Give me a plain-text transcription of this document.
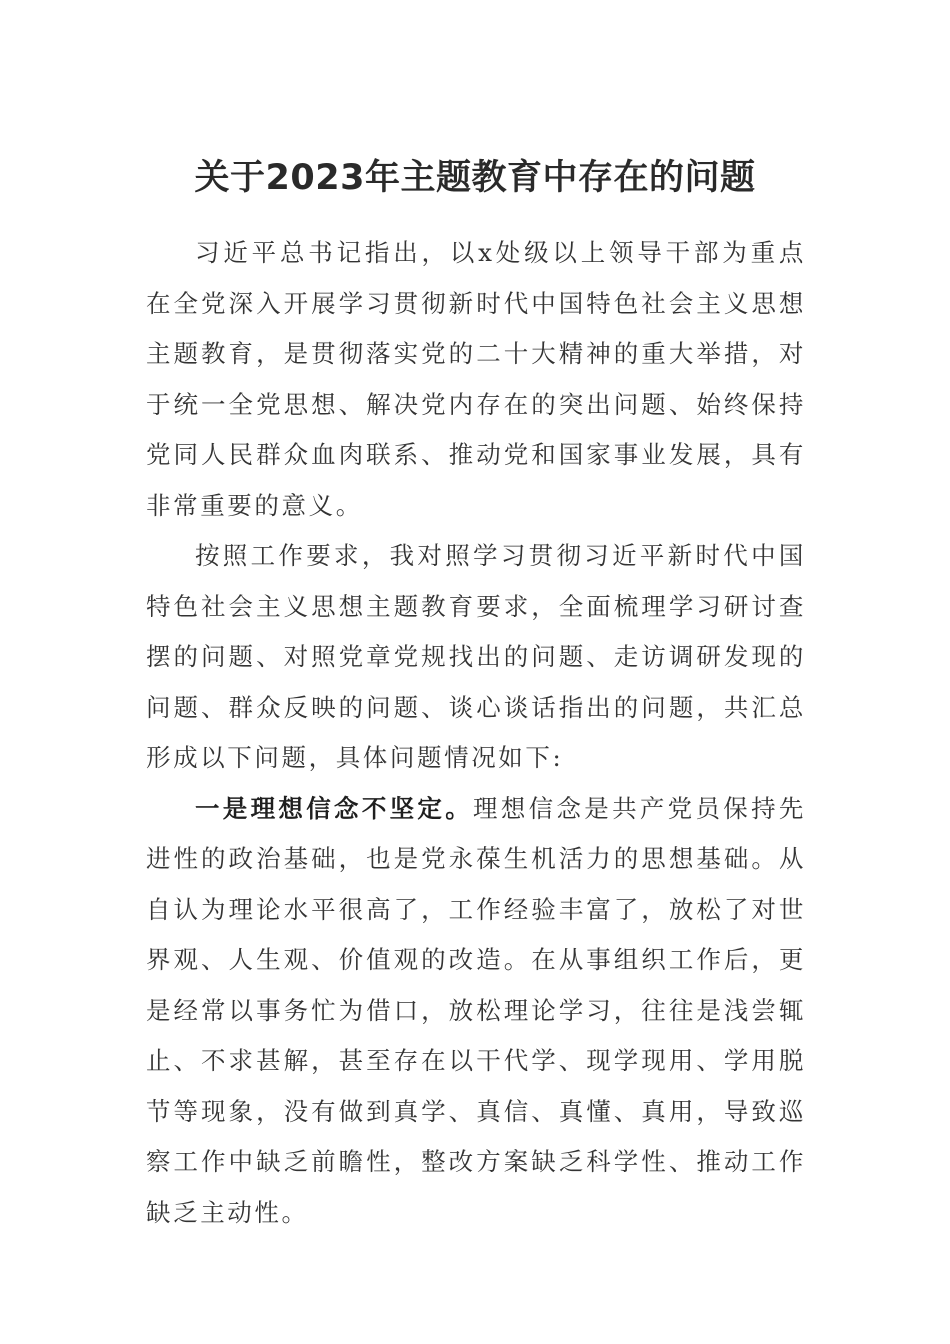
关于2023年主题教育中存在的问题

习近平总书记指出，以x处级以上领导干部为重点在全党深入开展学习贯彻新时代中国特色社会主义思想主题教育，是贯彻落实党的二十大精神的重大举措，对于统一全党思想、解决党内存在的突出问题、始终保持党同人民群众血肉联系、推动党和国家事业发展，具有非常重要的意义。

按照工作要求，我对照学习贯彻习近平新时代中国特色社会主义思想主题教育要求，全面梳理学习研讨查摆的问题、对照党章党规找出的问题、走访调研发现的问题、群众反映的问题、谈心谈话指出的问题，共汇总形成以下问题，具体问题情况如下:

一是理想信念不坚定。理想信念是共产党员保持先进性的政治基础，也是党永葆生机活力的思想基础。从自认为理论水平很高了，工作经验丰富了，放松了对世界观、人生观、价值观的改造。在从事组织工作后，更是经常以事务忙为借口，放松理论学习，往往是浅尝辄止、不求甚解，甚至存在以干代学、现学现用、学用脱节等现象，没有做到真学、真信、真懂、真用，导致巡察工作中缺乏前瞻性，整改方案缺乏科学性、推动工作缺乏主动性。
